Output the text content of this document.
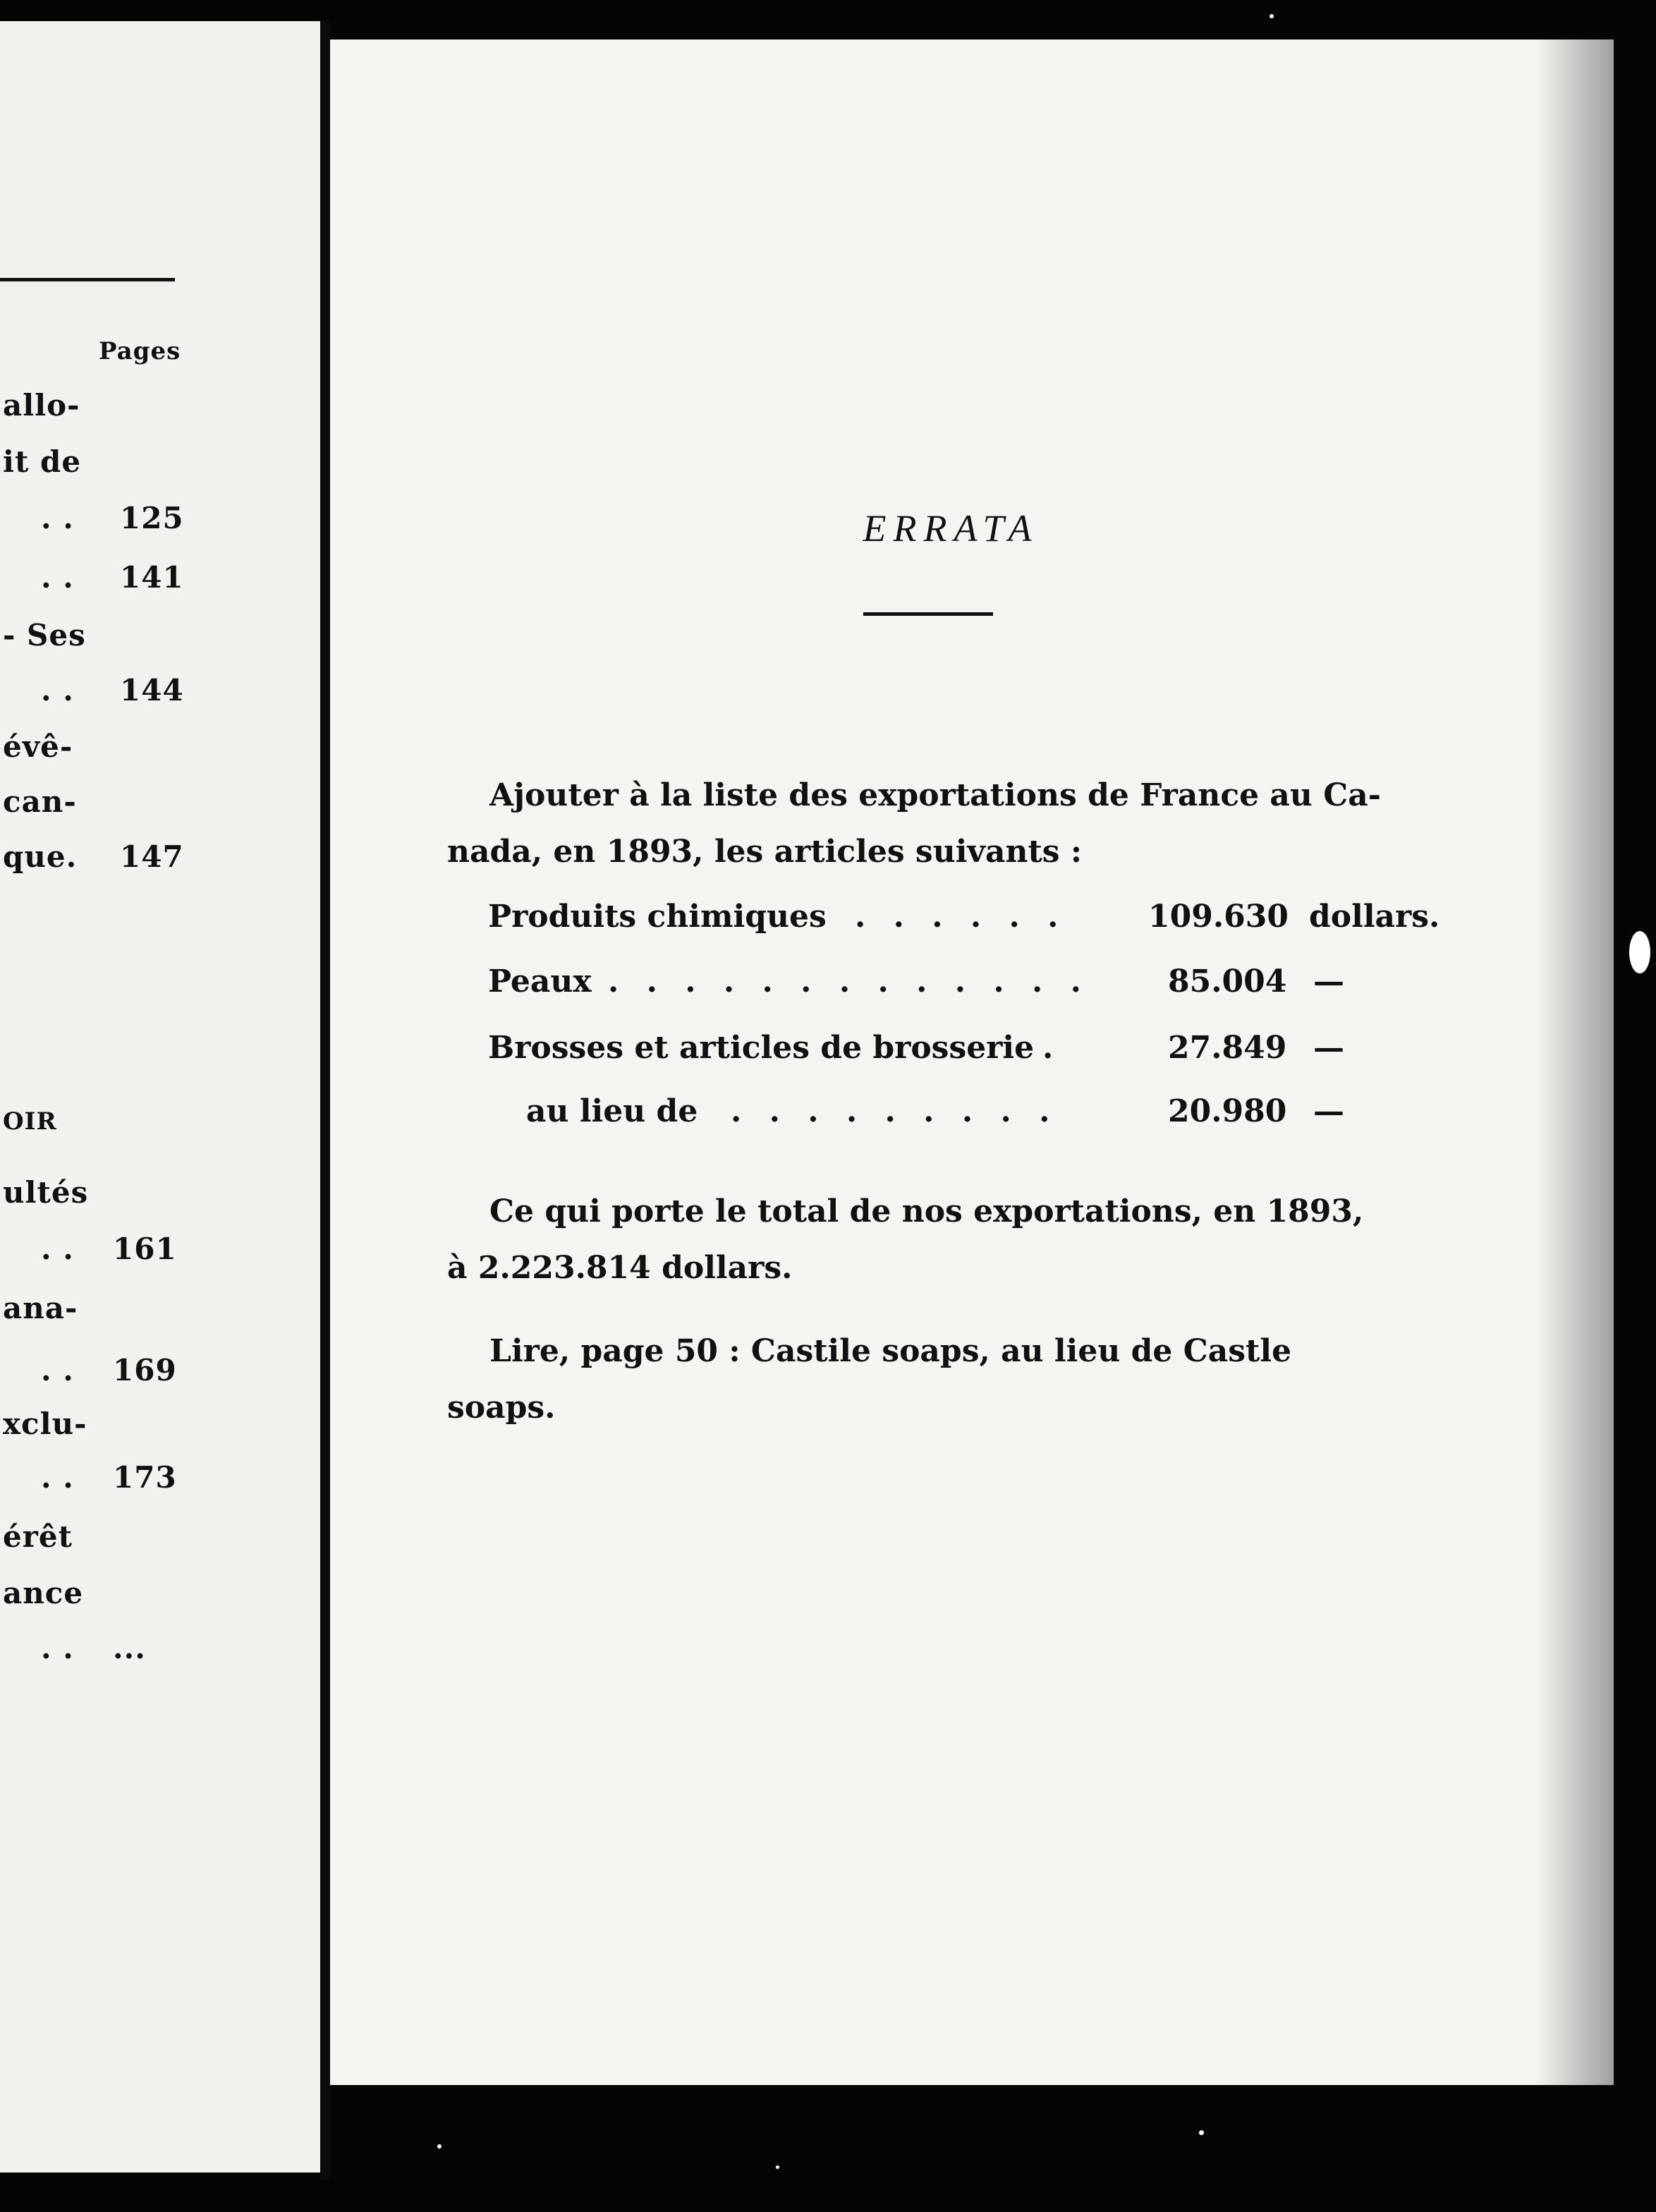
Pages
allo-
it de
. . 125
. . 141
- Ses
. . 144
évê-
can-
que. 147
OIR
ultés
. . 161
ana-
. . 169
xclu-
. . 173
érêt
ance
. . ...
ERRATA
Ajouter à la liste des exportations de France au Ca-
nada, en 1893, les articles suivants :
Produits chimiques . . . . . .	109.630 dollars.
Peaux . . . . . . . . . . . . .	85.004 —
Brosses et articles de brosserie .	27.849 —
au lieu de . . . . . . . . .	20.980 —
Ce qui porte le total de nos exportations, en 1893,
à 2.223.814 dollars.
Lire, page 50 : Castile soaps, au lieu de Castle
soaps.
